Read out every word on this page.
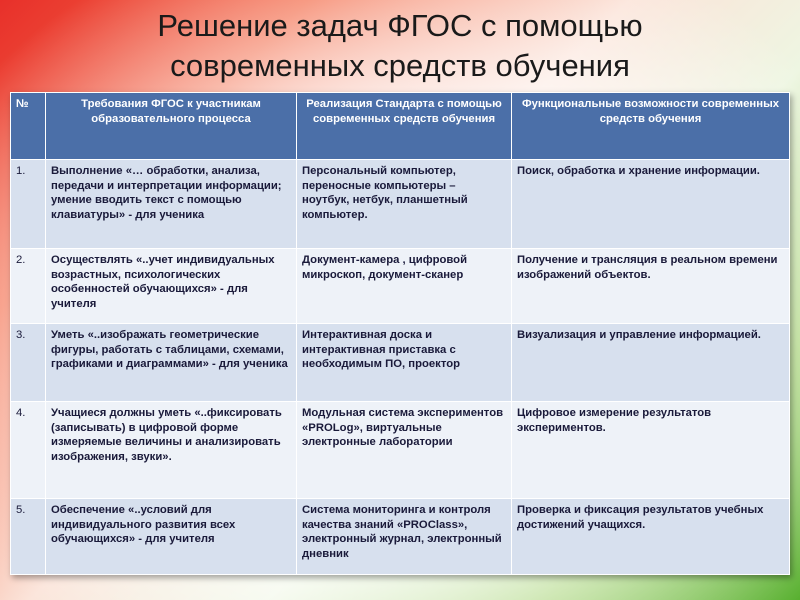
Решение задач ФГОС с помощью
современных средств обучения
№	Требования ФГОС к участникам образовательного процесса	Реализация Стандарта с помощью современных средств обучения	Функциональные возможности современных средств обучения
1.	Выполнение «… обработки, анализа, передачи и интерпретации информации; умение вводить текст с помощью клавиатуры» - для ученика	Персональный компьютер, переносные компьютеры – ноутбук, нетбук, планшетный компьютер.	Поиск, обработка и хранение информации.
2.	Осуществлять «..учет индивидуальных возрастных, психологических особенностей обучающихся» - для учителя	Документ-камера , цифровой микроскоп, документ-сканер	Получение и трансляция в реальном времени изображений объектов.
3.	Уметь «..изображать геометрические фигуры, работать с таблицами, схемами, графиками и диаграммами» - для ученика	Интерактивная доска и интерактивная приставка с необходимым ПО, проектор	Визуализация и управление информацией.
4.	Учащиеся должны уметь «..фиксировать (записывать) в цифровой форме измеряемые величины и анализировать изображения, звуки».	Модульная система экспериментов «PROLog», виртуальные электронные лаборатории	Цифровое измерение результатов экспериментов.
5.	Обеспечение «..условий для индивидуального развития всех обучающихся» - для учителя	Система мониторинга и контроля качества знаний «PROClass», электронный журнал, электронный дневник	Проверка и фиксация результатов учебных достижений учащихся.
